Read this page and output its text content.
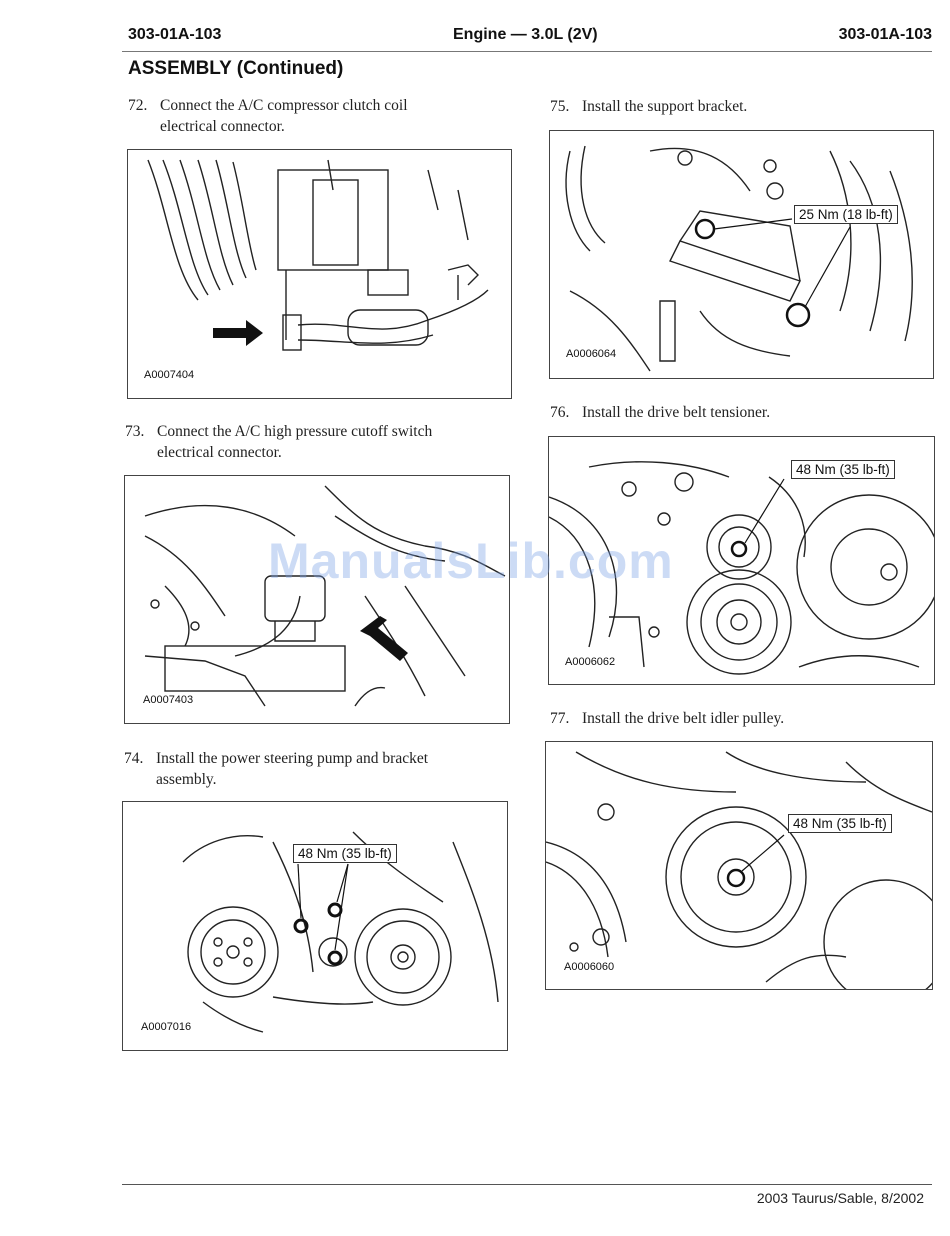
303-01A-103	Engine — 3.0L (2V)	303-01A-103
ASSEMBLY (Continued)
72. Connect the A/C compressor clutch coil
electrical connector.
A0007404
73. Connect the A/C high pressure cutoff switch
electrical connector.
A0007403
74. Install the power steering pump and bracket
assembly.
48 Nm (35 lb-ft)
A0007016
75. Install the support bracket.
25 Nm (18 lb-ft)
A0006064
76. Install the drive belt tensioner.
48 Nm (35 lb-ft)
A0006062
77. Install the drive belt idler pulley.
48 Nm (35 lb-ft)
A0006060
ManualsLib.com
2003 Taurus/Sable, 8/2002
